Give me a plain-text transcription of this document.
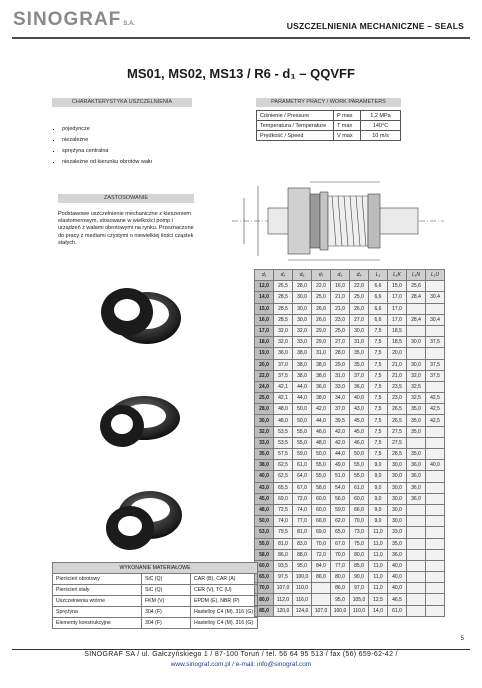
SINOGRAF S.A.	USZCZELNIENIA MECHANICZNE – SEALS
MS01, MS02, MS13 / R6 - d₁ – QQVFF
CHARAKTERYSTYKA USZCZELNIENIA
▪ pojedyncze
▪ niezależne
▪ sprężyna centralna
▪ niezależne od kierunku obrotów wału
PARAMETRY PRACY / WORK PARAMETERS
Ciśnienie / Pressure	P max	1,2 MPa
Temperatura / Temperature	T max	140°C
Prędkość / Speed	V max	10 m/s
ZASTOSOWANIE
Podstawowe uszczelnienie mechaniczne z kieszeniem elastomerowym, stosowane w wielkości pomp i urządzeń z wałami obrotowymi na rynku. Przeznaczone do pracy z mediami czystymi o niewielkiej ilości cząstek stałych.
d₁	d₃	d₆	d₇	d₈	d₉	L₁	L₁K	L₁N	L₁U
12,0	26,5	28,0	22,0	16,0	22,0	6,6	15,0	25,6	
14,0	28,5	30,0	25,0	21,0	25,0	6,6	17,0	28,4	30,4
15,0	28,5	30,0	26,0	21,0	26,0	6,6	17,0		
16,0	28,5	30,0	26,0	23,0	27,0	6,6	17,0	28,4	30,4
17,0	32,0	32,0	29,0	25,0	30,0	7,5	18,5		
18,0	32,0	33,0	29,0	27,0	31,0	7,5	18,5	30,0	37,5
19,0	36,0	38,0	31,0	28,0	35,0	7,5	20,0		
20,0	37,0	38,0	38,0	29,0	35,0	7,5	21,0	30,0	37,5
22,0	37,5	38,0	38,0	31,0	37,0	7,5	21,0	32,0	37,5
24,0	42,1	44,0	36,0	33,0	36,0	7,5	23,5	32,5	
25,0	42,1	44,0	38,0	34,0	40,0	7,5	23,0	32,5	42,5
28,0	48,0	50,0	42,0	37,0	43,0	7,5	26,5	35,0	42,5
30,0	48,0	50,0	44,0	39,5	45,0	7,5	26,5	35,0	42,5
32,0	53,5	55,0	46,0	42,0	45,0	7,5	27,5	35,0	
33,0	53,5	55,0	48,0	42,0	46,0	7,5	27,5		
35,0	57,5	59,0	50,0	44,0	50,0	7,5	28,5	35,0	
38,0	62,5	61,0	55,0	49,0	55,0	9,0	30,0	36,0	40,0
40,0	62,5	64,0	55,0	51,0	55,0	9,0	30,0	36,0	
43,0	65,5	67,0	58,0	54,0	61,0	9,0	30,0	36,0	
45,0	69,0	72,0	60,0	56,0	60,0	9,0	30,0	36,0	
48,0	72,5	74,0	60,0	59,0	66,0	9,0	30,0		
50,0	74,0	77,0	66,0	62,0	70,0	9,0	30,0		
53,0	79,5	81,0	69,0	65,0	73,0	11,0	33,0		
55,0	81,0	83,0	70,0	67,0	75,0	11,0	35,0		
58,0	86,0	88,0	72,0	70,0	80,0	11,0	36,0		
60,0	93,5	95,0	84,0	77,0	85,0	11,0	40,0		
65,0	97,5	100,0	86,0	80,0	90,0	11,0	40,0		
70,0	107,0	110,0		86,0	97,0	11,0	40,0		
80,0	112,0	116,0		95,0	105,0	12,5	46,5		
85,0	120,0	124,0	107,0	100,0	110,0	14,0	61,0		
WYKONANIE MATERIAŁOWE		
Pierścień obrotowy	SiC (Q)	CAR (B), CAR (A)
Pierścień stały	SiC (Q)	CER (V), TC (U)
Uszczelnienia wtórne	FKM (V)	EPDM (E), NBR (P)
Sprężyna	304 (F)	Hastelloy C4 (M), 316 (G)
Elementy konstrukcyjne	304 (F)	Hastelloy C4 (M), 316 (G)
5
SINOGRAF SA / ul. Gałczyńskiego 1 / 87-100 Toruń / tel. 56 64 95 513 / fax (56) 659-62-42 /
www.sinograf.com.pl / e-mail: info@sinograf.com
